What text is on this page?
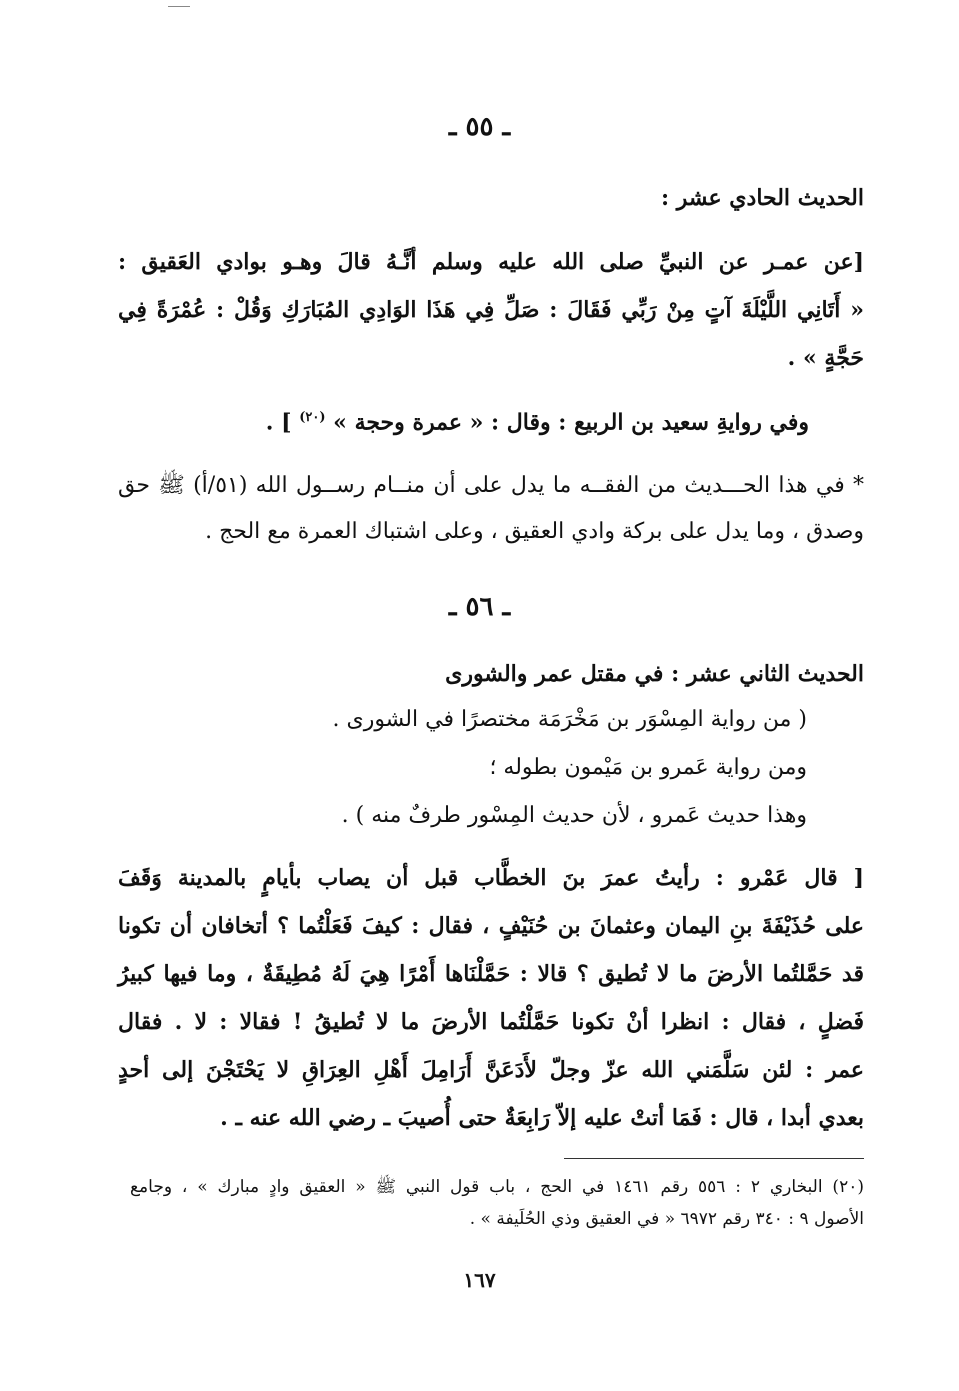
ـ ٥٥ ـ
الحديث الحادي عشر :
[عن عمـر عن النبيِّ صلى الله عليه وسلم أنَّـهُ قالَ وهـو بوادي العَقيق :
« أَتَانِي اللَّيْلَةَ آتٍ مِنْ رَبِّي فَقَالَ : صَلِّ فِي هَذَا الوَادِي المُبَارَكِ وَقُلْ : عُمْرَةً فِي
حَجَّةٍ » .
وفي روايةِ سعيد بن الربيع : وقال : « عمرة وحجة » $^{(٢٠)}$ ] .
* في هذا الحـــديث من الفقــه ما يدل على أن منــام رســول الله (٥١/أ) ﷺ حق
وصدق ، وما يدل على بركة وادي العقيق ، وعلى اشتباك العمرة مع الحج .
ـ ٥٦ ـ
الحديث الثاني عشر : في مقتل عمر والشورى
( من رواية المِسْوَر بن مَخْرَمَة مختصرًا في الشورى .
ومن رواية عَمرو بن مَيْمون بطوله ؛
وهذا حديث عَمرو ، لأن حديث المِسْور طرفٌ منه ) .
[ قال عَمْرو : رأيتُ عمرَ بنَ الخطَّاب قبل أن يصاب بأيامٍ بالمدينة وَقَفَ
على حُذَيْفَةَ بنِ اليمان وعثمانَ بن حُنَيْفٍ ، فقال : كيفَ فَعَلْتُما ؟ أتخافان أن تكونا
قد حَمَّلتُما الأرضَ ما لا تُطيق ؟ قالا : حَمَّلْنَاها أَمْرًا هِيَ لَهُ مُطِيقَةٌ ، وما فيها كبيرُ
فَضلٍ ، فقال : انظرا أنْ تكونا حَمَّلْتُما الأرضَ ما لا تُطيقُ ! فقالا : لا . فقال
عمر : لئن سَلَّمَني الله عزّ وجلّ لأَدَعَنَّ أَرَامِلَ أَهْلِ العِرَاقِ لا يَحْتَجْنَ إلى أحدٍ
بعدي أبدا ، قال : فَمَا أتتْ عليه إلاّ رَابِعَةٌ حتى أُصيبَ ـ رضي الله عنه ـ .
(٢٠) البخاري ٢ : ٥٥٦ رقم ١٤٦١ في الحج ، باب قول النبي ﷺ « العقيق وادٍ مبارك » ، وجامع
الأصول ٩ : ٣٤٠ رقم ٦٩٧٢ « في العقيق وذي الحُلَيفة » .
١٦٧
